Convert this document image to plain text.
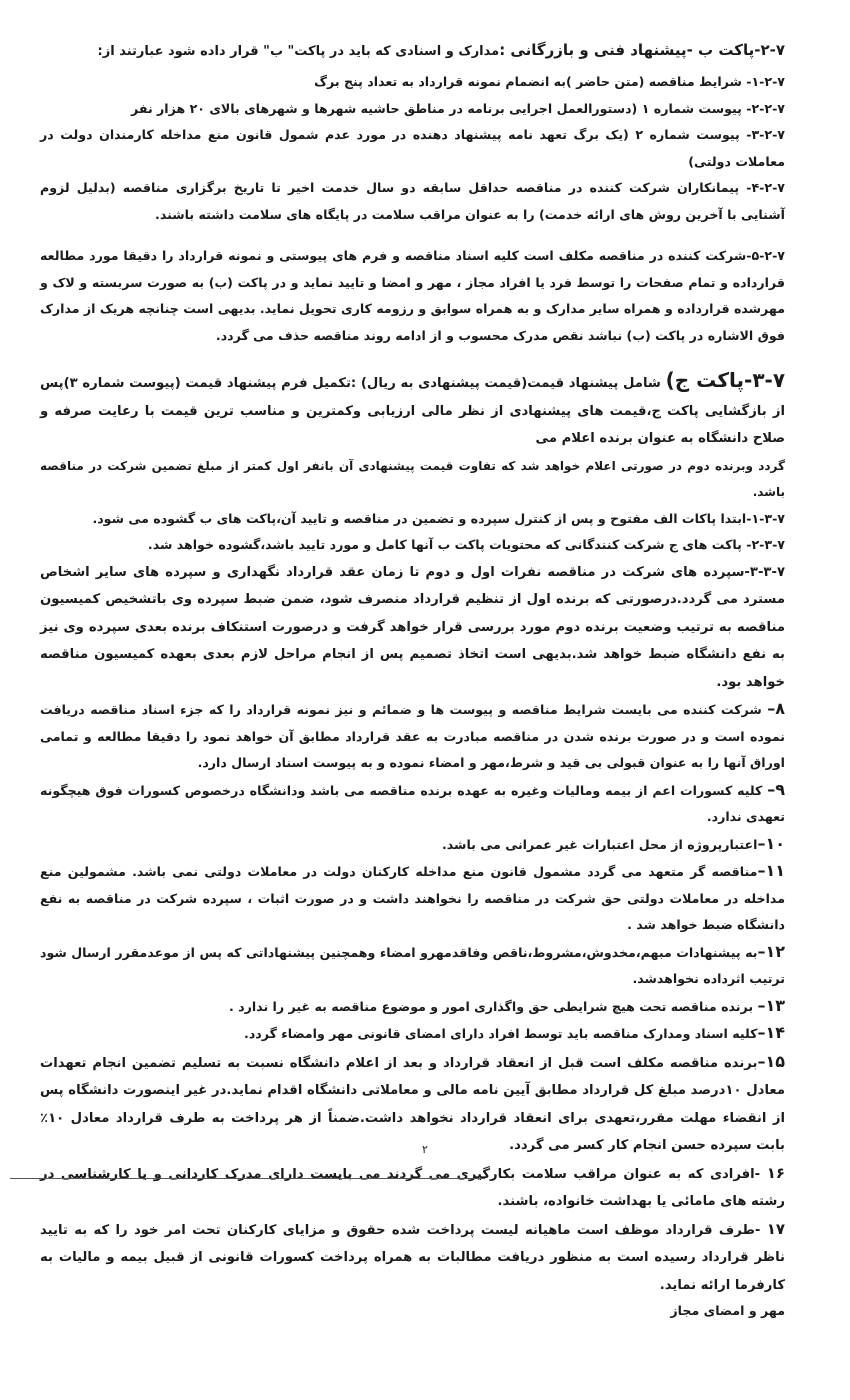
۲-۷-پاکت ب -پیشنهاد فنی و بازرگانی :مدارک و اسنادی که باید در پاکت" ب" قرار داده شود عبارتند از:

۱-۲-۷- شرایط مناقصه (متن حاضر )به انضمام نمونه قرارداد به تعداد پنج برگ

۲-۲-۷- پیوست شماره ۱ (دستورالعمل اجرایی برنامه در مناطق حاشیه شهرها و شهرهای بالای ۲۰ هزار نفر

۳-۲-۷- پیوست شماره ۲ (یک برگ تعهد نامه پیشنهاد دهنده در مورد عدم شمول قانون منع مداخله کارمندان دولت در معاملات دولتی)

۴-۲-۷- پیمانکاران شرکت کننده در مناقصه حداقل سابقه دو سال خدمت اخیر تا تاریخ برگزاری مناقصه (بدلیل لزوم آشنایی با آخرین روش های ارائه خدمت) را به عنوان مراقب سلامت در پایگاه های سلامت داشته باشند.

۵-۲-۷-شرکت کننده در مناقصه مکلف است کلیه اسناد مناقصه و فرم های پیوستی و نمونه قرارداد را دقیقا مورد مطالعه قرارداده و تمام صفحات را توسط فرد یا افراد مجاز ، مهر و امضا و تایید نماید و در پاکت (ب) به صورت سربسته و لاک و مهرشده قرارداده و همراه سایر مدارک و به همراه سوابق و رزومه کاری تحویل نماید. بدیهی است چنانچه هریک از مدارک فوق الاشاره در پاکت (ب) نباشد نقص مدرک محسوب و از ادامه روند مناقصه حذف می گردد.

۳-۷-پاکت ج) شامل پیشنهاد قیمت(قیمت پیشنهادی به ریال) :تکمیل فرم پیشنهاد قیمت (پیوست شماره ۳)پس از بازگشایی پاکت ج،قیمت های پیشنهادی از نظر مالی ارزیابی وکمترین و مناسب ترین قیمت با رعایت صرفه و صلاح دانشگاه به عنوان برنده اعلام می

گردد وبرنده دوم در صورتی اعلام خواهد شد که تفاوت قیمت پیشنهادی آن بانفر اول کمتر از مبلغ تضمین شرکت در مناقصه باشد.

۱-۳-۷-ابتدا پاکات الف مفتوح و پس از کنترل سپرده و تضمین در مناقصه و تایید آن،پاکت های ب گشوده می شود.

۲-۳-۷- پاکت های ج شرکت کنندگانی که محتویات پاکت ب آنها کامل و مورد تایید باشد،گشوده خواهد شد.

۳-۳-۷-سپرده های شرکت در مناقصه نفرات اول و دوم تا زمان عقد قرارداد نگهداری و سپرده های سایر اشخاص مسترد می گردد.درصورتی که برنده اول از تنظیم قرارداد منصرف شود، ضمن ضبط سپرده وی باتشخیص کمیسیون مناقصه به ترتیب وضعیت برنده دوم مورد بررسی قرار خواهد گرفت و درصورت استنکاف برنده بعدی سپرده وی نیز به نفع دانشگاه ضبط خواهد شد.بدیهی است اتخاذ تصمیم پس از انجام مراحل لازم بعدی بعهده کمیسیون مناقصه خواهد بود.

۸– شرکت کننده می بایست شرایط مناقصه و پیوست ها و ضمائم و نیز نمونه قرارداد را که جزء اسناد مناقصه دریافت نموده است و در صورت برنده شدن در مناقصه مبادرت به عقد قرارداد مطابق آن خواهد نمود را دقیقا مطالعه و تمامی اوراق آنها را به عنوان قبولی بی قید و شرط،مهر و امضاء نموده و به پیوست اسناد ارسال دارد.

۹– کلیه کسورات اعم از بیمه ومالیات وغیره به عهده برنده مناقصه می باشد ودانشگاه درخصوص کسورات فوق هیچگونه تعهدی ندارد.

۱۰–اعتبارپروژه از محل اعتبارات غیر عمرانی می باشد.

۱۱–مناقصه گر متعهد می گردد مشمول قانون منع مداخله کارکنان دولت در معاملات دولتی نمی باشد. مشمولین منع مداخله در معاملات دولتی حق شرکت در مناقصه را نخواهند داشت و در صورت اثبات ، سپرده شرکت در مناقصه به نفع دانشگاه ضبط خواهد شد .

۱۲–به پیشنهادات مبهم،مخدوش،مشروط،ناقص وفاقدمهرو امضاء وهمچنین پیشنهاداتی که پس از موعدمقرر ارسال شود ترتیب اثرداده نخواهدشد.

۱۳– برنده مناقصه تحت هیچ شرایطی حق واگذاری امور و موضوع مناقصه به غیر را ندارد .

۱۴–کلیه اسناد ومدارک مناقصه باید توسط افراد دارای امضای قانونی مهر وامضاء گردد.

۱۵–برنده مناقصه مکلف است قبل از انعقاد قرارداد و بعد از اعلام دانشگاه نسبت به تسلیم تضمین انجام تعهدات معادل ۱۰درصد مبلغ کل قرارداد مطابق آیین نامه مالی و معاملاتی دانشگاه اقدام نماید.در غیر اینصورت دانشگاه پس از انقضاء مهلت مقرر،تعهدی برای انعقاد قرارداد نخواهد داشت.ضمناً از هر پرداخت به طرف قرارداد معادل ۱۰٪ بابت سپرده حسن انجام کار کسر می گردد.

۱۶ -افرادی که به عنوان مراقب سلامت بکارگیری می گردند می بایست دارای مدرک کاردانی و یا کارشناسی در رشته های مامائی یا بهداشت خانواده، باشند.

۱۷ -طرف قرارداد موظف است ماهیانه لیست پرداخت شده حقوق و مزایای کارکنان تحت امر خود را که به تایید ناظر قرارداد رسیده است به منظور دریافت مطالبات به همراه پرداخت کسورات قانونی از قبیل بیمه و مالیات به کارفرما ارائه نماید.

مهر و امضای مجاز
۲
